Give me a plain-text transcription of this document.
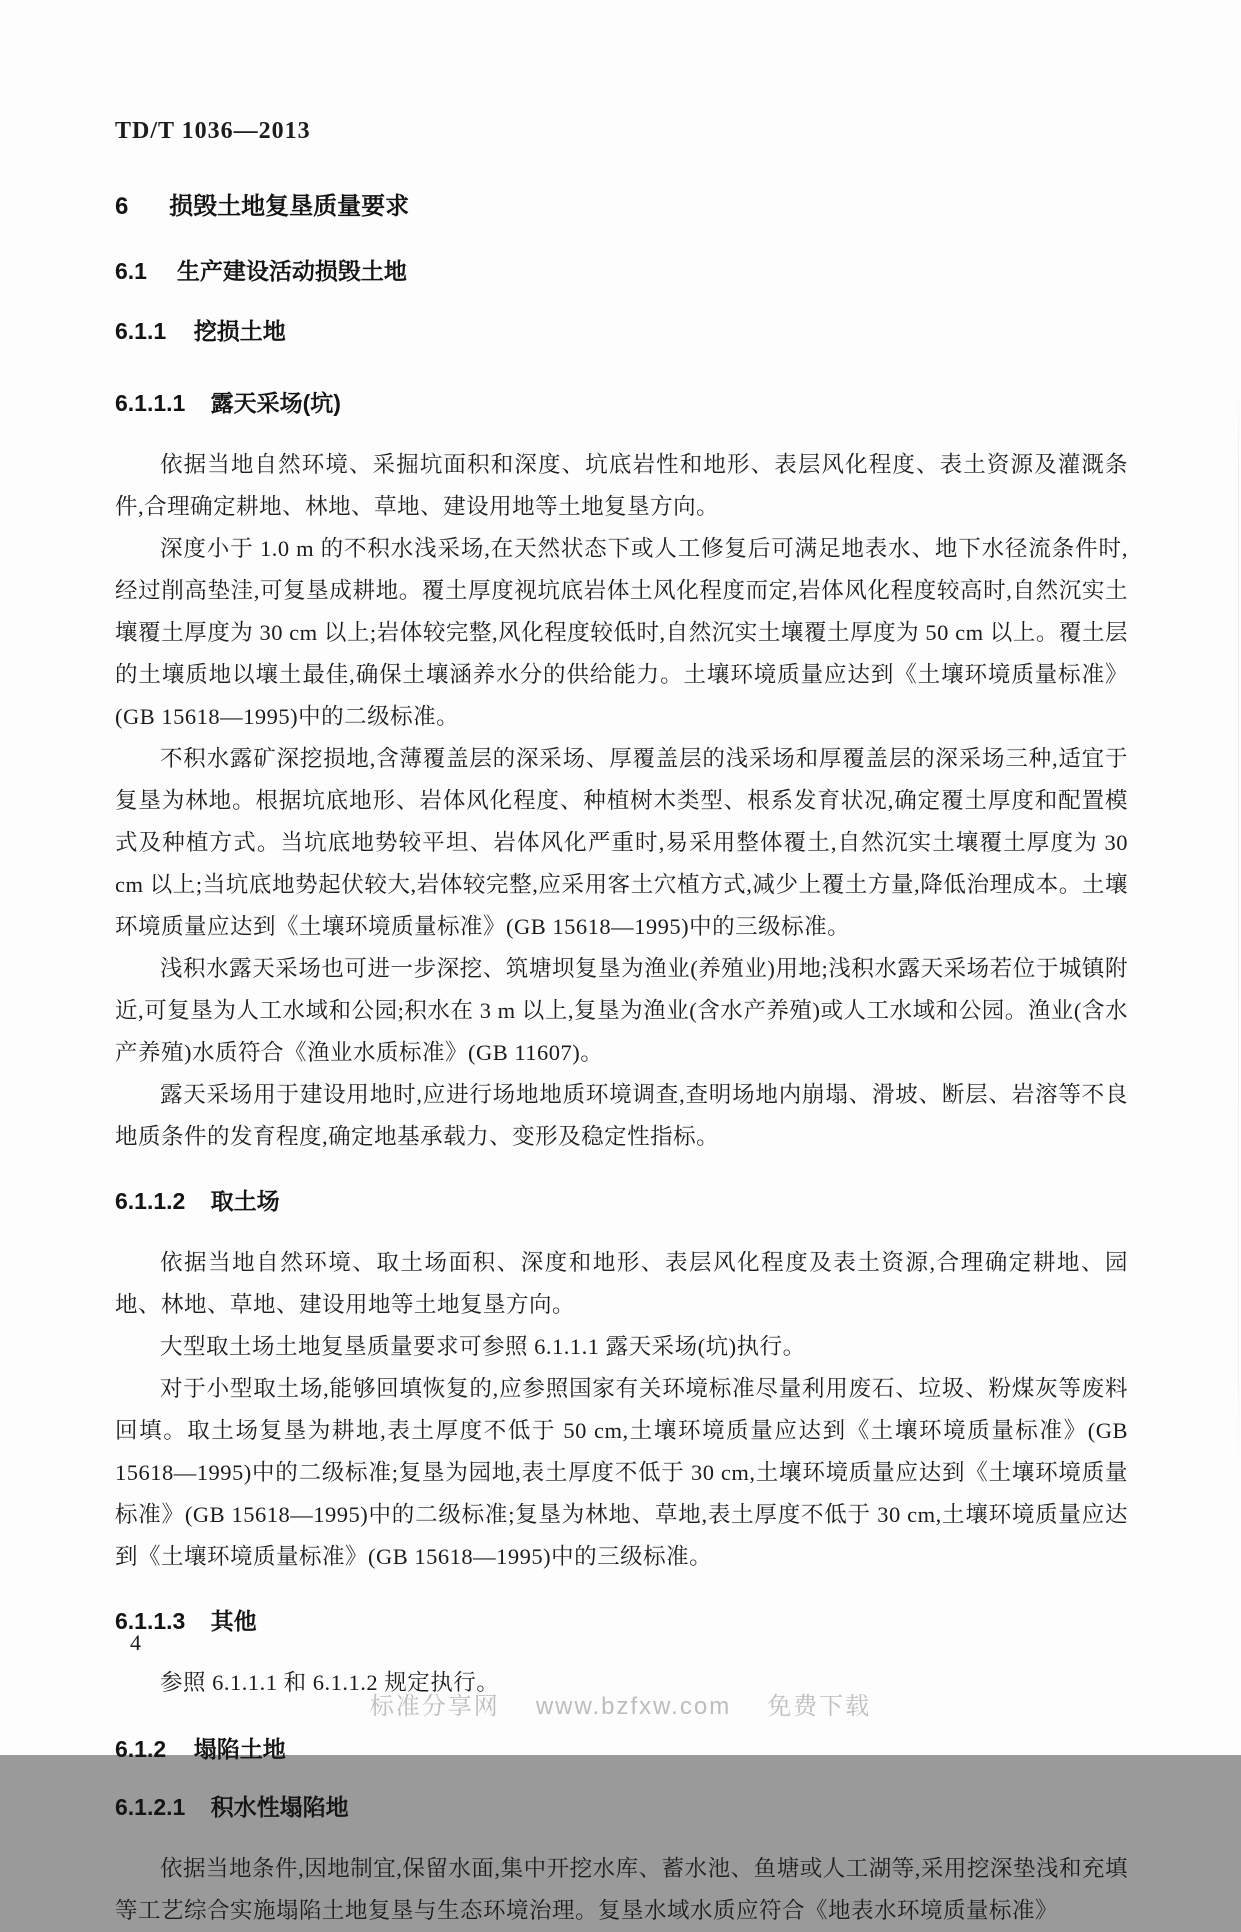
TD/T 1036—2013
6 损毁土地复垦质量要求
6.1 生产建设活动损毁土地
6.1.1 挖损土地
6.1.1.1 露天采场(坑)

依据当地自然环境、采掘坑面积和深度、坑底岩性和地形、表层风化程度、表土资源及灌溉条件,合理确定耕地、林地、草地、建设用地等土地复垦方向。

深度小于 1.0 m 的不积水浅采场,在天然状态下或人工修复后可满足地表水、地下水径流条件时,经过削高垫洼,可复垦成耕地。覆土厚度视坑底岩体土风化程度而定,岩体风化程度较高时,自然沉实土壤覆土厚度为 30 cm 以上;岩体较完整,风化程度较低时,自然沉实土壤覆土厚度为 50 cm 以上。覆土层的土壤质地以壤土最佳,确保土壤涵养水分的供给能力。土壤环境质量应达到《土壤环境质量标准》(GB 15618—1995)中的二级标准。

不积水露矿深挖损地,含薄覆盖层的深采场、厚覆盖层的浅采场和厚覆盖层的深采场三种,适宜于复垦为林地。根据坑底地形、岩体风化程度、种植树木类型、根系发育状况,确定覆土厚度和配置模式及种植方式。当坑底地势较平坦、岩体风化严重时,易采用整体覆土,自然沉实土壤覆土厚度为 30 cm 以上;当坑底地势起伏较大,岩体较完整,应采用客土穴植方式,减少上覆土方量,降低治理成本。土壤环境质量应达到《土壤环境质量标准》(GB 15618—1995)中的三级标准。

浅积水露天采场也可进一步深挖、筑塘坝复垦为渔业(养殖业)用地;浅积水露天采场若位于城镇附近,可复垦为人工水域和公园;积水在 3 m 以上,复垦为渔业(含水产养殖)或人工水域和公园。渔业(含水产养殖)水质符合《渔业水质标准》(GB 11607)。

露天采场用于建设用地时,应进行场地地质环境调查,查明场地内崩塌、滑坡、断层、岩溶等不良地质条件的发育程度,确定地基承载力、变形及稳定性指标。

6.1.1.2 取土场

依据当地自然环境、取土场面积、深度和地形、表层风化程度及表土资源,合理确定耕地、园地、林地、草地、建设用地等土地复垦方向。

大型取土场土地复垦质量要求可参照 6.1.1.1 露天采场(坑)执行。

对于小型取土场,能够回填恢复的,应参照国家有关环境标准尽量利用废石、垃圾、粉煤灰等废料回填。取土场复垦为耕地,表土厚度不低于 50 cm,土壤环境质量应达到《土壤环境质量标准》(GB 15618—1995)中的二级标准;复垦为园地,表土厚度不低于 30 cm,土壤环境质量应达到《土壤环境质量标准》(GB 15618—1995)中的二级标准;复垦为林地、草地,表土厚度不低于 30 cm,土壤环境质量应达到《土壤环境质量标准》(GB 15618—1995)中的三级标准。

6.1.1.3 其他

参照 6.1.1.1 和 6.1.1.2 规定执行。

6.1.2 塌陷土地
6.1.2.1 积水性塌陷地

依据当地条件,因地制宜,保留水面,集中开挖水库、蓄水池、鱼塘或人工湖等,采用挖深垫浅和充填等工艺综合实施塌陷土地复垦与生态环境治理。复垦水域水质应符合《地表水环境质量标准》

4
标准分享网 www.bzfxw.com 免费下载
